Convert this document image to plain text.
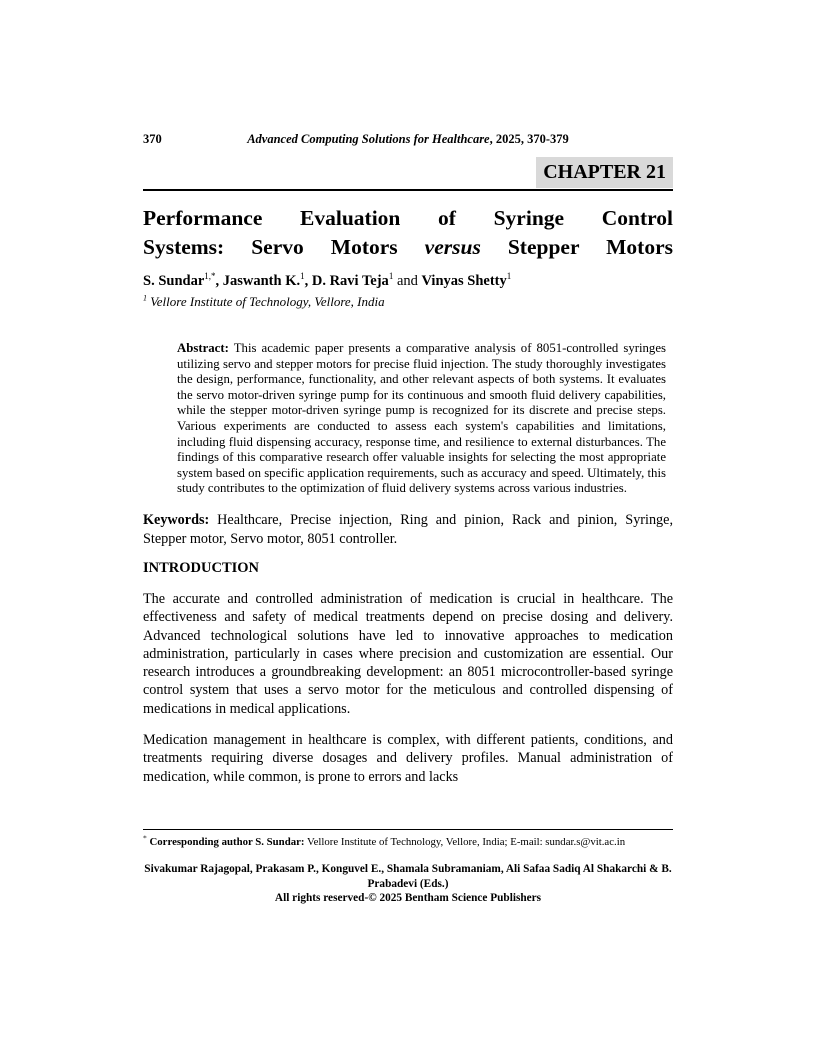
370	Advanced Computing Solutions for Healthcare, 2025, 370-379
CHAPTER 21
Performance Evaluation of Syringe Control
Systems: Servo Motors versus Stepper Motors

S. Sundar$^{1,*}$, Jaswanth K.$^1$, D. Ravi Teja$^1$ and Vinyas Shetty$^1$

$^1$ Vellore Institute of Technology, Vellore, India

Abstract: This academic paper presents a comparative analysis of 8051-controlled syringes utilizing servo and stepper motors for precise fluid injection. The study thoroughly investigates the design, performance, functionality, and other relevant aspects of both systems. It evaluates the servo motor-driven syringe pump for its continuous and smooth fluid delivery capabilities, while the stepper motor-driven syringe pump is recognized for its discrete and precise steps. Various experiments are conducted to assess each system's capabilities and limitations, including fluid dispensing accuracy, response time, and resilience to external disturbances. The findings of this comparative research offer valuable insights for selecting the most appropriate system based on specific application requirements, such as accuracy and speed. Ultimately, this study contributes to the optimization of fluid delivery systems across various industries.

Keywords: Healthcare, Precise injection, Ring and pinion, Rack and pinion, Syringe, Stepper motor, Servo motor, 8051 controller.

INTRODUCTION

The accurate and controlled administration of medication is crucial in healthcare. The effectiveness and safety of medical treatments depend on precise dosing and delivery. Advanced technological solutions have led to innovative approaches to medication administration, particularly in cases where precision and customization are essential. Our research introduces a groundbreaking development: an 8051 microcontroller-based syringe control system that uses a servo motor for the meticulous and controlled dispensing of medications in medical applications.

Medication management in healthcare is complex, with different patients, conditions, and treatments requiring diverse dosages and delivery profiles. Manual administration of medication, while common, is prone to errors and lacks

* Corresponding author S. Sundar: Vellore Institute of Technology, Vellore, India; E-mail: sundar.s@vit.ac.in

Sivakumar Rajagopal, Prakasam P., Konguvel E., Shamala Subramaniam, Ali Safaa Sadiq Al Shakarchi & B. Prabadevi (Eds.)

All rights reserved-© 2025 Bentham Science Publishers
